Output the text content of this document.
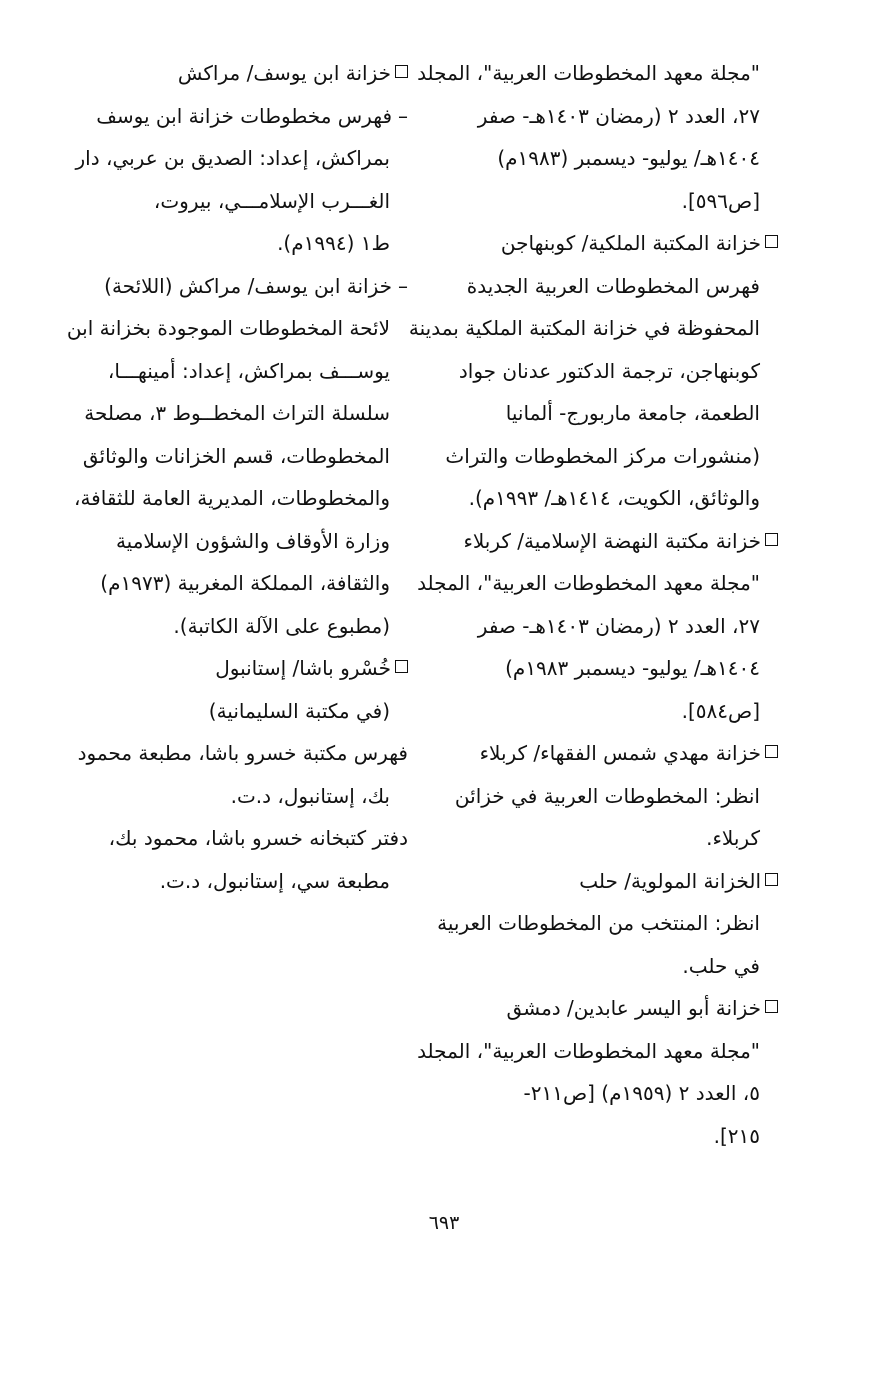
"مجلة معهد المخطوطات العربية"، المجلد
٢٧، العدد ٢ (رمضان ١٤٠٣هـ- صفر
١٤٠٤هـ/ يوليو- ديسمبر (١٩٨٣م)
[ص٥٩٦].
خزانة المكتبة الملكية/ كوبنهاجن
فهرس المخطوطات العربية الجديدة
المحفوظة في خزانة المكتبة الملكية بمدينة
كوبنهاجن، ترجمة الدكتور عدنان جواد
الطعمة، جامعة ماربورج- ألمانيا
(منشورات مركز المخطوطات والتراث
والوثائق، الكويت، ١٤١٤هـ/ ١٩٩٣م).
خزانة مكتبة النهضة الإسلامية/ كربلاء
"مجلة معهد المخطوطات العربية"، المجلد
٢٧، العدد ٢ (رمضان ١٤٠٣هـ- صفر
١٤٠٤هـ/ يوليو- ديسمبر ١٩٨٣م)
[ص٥٨٤].
خزانة مهدي شمس الفقهاء/ كربلاء
انظر: المخطوطات العربية في خزائن
كربلاء.
الخزانة المولوية/ حلب
انظر: المنتخب من المخطوطات العربية
في حلب.
خزانة أبو اليسر عابدين/ دمشق
"مجلة معهد المخطوطات العربية"، المجلد
٥، العدد ٢ (١٩٥٩م) [ص٢١١-
٢١٥].
خزانة ابن يوسف/ مراكش
–فهرس مخطوطات خزانة ابن يوسف
بمراكش، إعداد: الصديق بن عربي، دار
الغـــرب الإسلامـــي، بيروت،
ط١ (١٩٩٤م).
–خزانة ابن يوسف/ مراكش (اللائحة)
لائحة المخطوطات الموجودة بخزانة ابن
يوســـف بمراكش، إعداد: أمينهـــا،
سلسلة التراث المخطــوط ٣، مصلحة
المخطوطات، قسم الخزانات والوثائق
والمخطوطات، المديرية العامة للثقافة،
وزارة الأوقاف والشؤون الإسلامية
والثقافة، المملكة المغربية (١٩٧٣م)
(مطبوع على الآلة الكاتبة).
خُسْرو باشا/ إستانبول
(في مكتبة السليمانية)
فهرس مكتبة خسرو باشا، مطبعة محمود
بك، إستانبول، د.ت.
دفتر كتبخانه خسرو باشا، محمود بك،
مطبعة سي، إستانبول، د.ت.
٦٩٣
